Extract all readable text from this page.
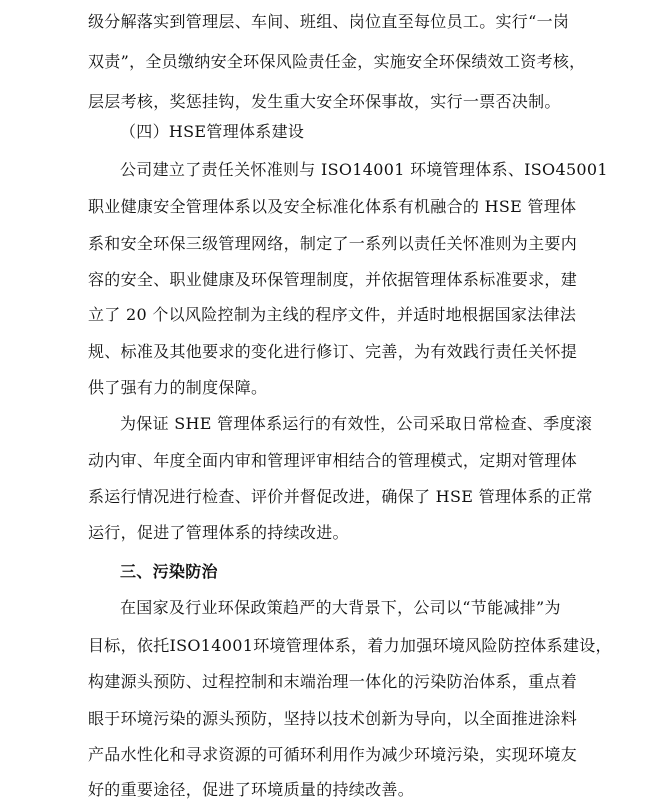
级分解落实到管理层、车间、班组、岗位直至每位员工。实行“一岗
双责”，全员缴纳安全环保风险责任金，实施安全环保绩效工资考核，
层层考核，奖惩挂钩，发生重大安全环保事故，实行一票否决制。
（四）HSE管理体系建设
公司建立了责任关怀准则与 ISO14001 环境管理体系、ISO45001
职业健康安全管理体系以及安全标准化体系有机融合的 HSE 管理体
系和安全环保三级管理网络，制定了一系列以责任关怀准则为主要内
容的安全、职业健康及环保管理制度，并依据管理体系标准要求，建
立了 20 个以风险控制为主线的程序文件，并适时地根据国家法律法
规、标准及其他要求的变化进行修订、完善，为有效践行责任关怀提
供了强有力的制度保障。
为保证 SHE 管理体系运行的有效性，公司采取日常检查、季度滚
动内审、年度全面内审和管理评审相结合的管理模式，定期对管理体
系运行情况进行检查、评价并督促改进，确保了 HSE 管理体系的正常
运行，促进了管理体系的持续改进。
三、污染防治
在国家及行业环保政策趋严的大背景下，公司以“节能减排”为
目标，依托ISO14001环境管理体系，着力加强环境风险防控体系建设，
构建源头预防、过程控制和末端治理一体化的污染防治体系，重点着
眼于环境污染的源头预防，坚持以技术创新为导向，以全面推进涂料
产品水性化和寻求资源的可循环利用作为减少环境污染，实现环境友
好的重要途径，促进了环境质量的持续改善。
